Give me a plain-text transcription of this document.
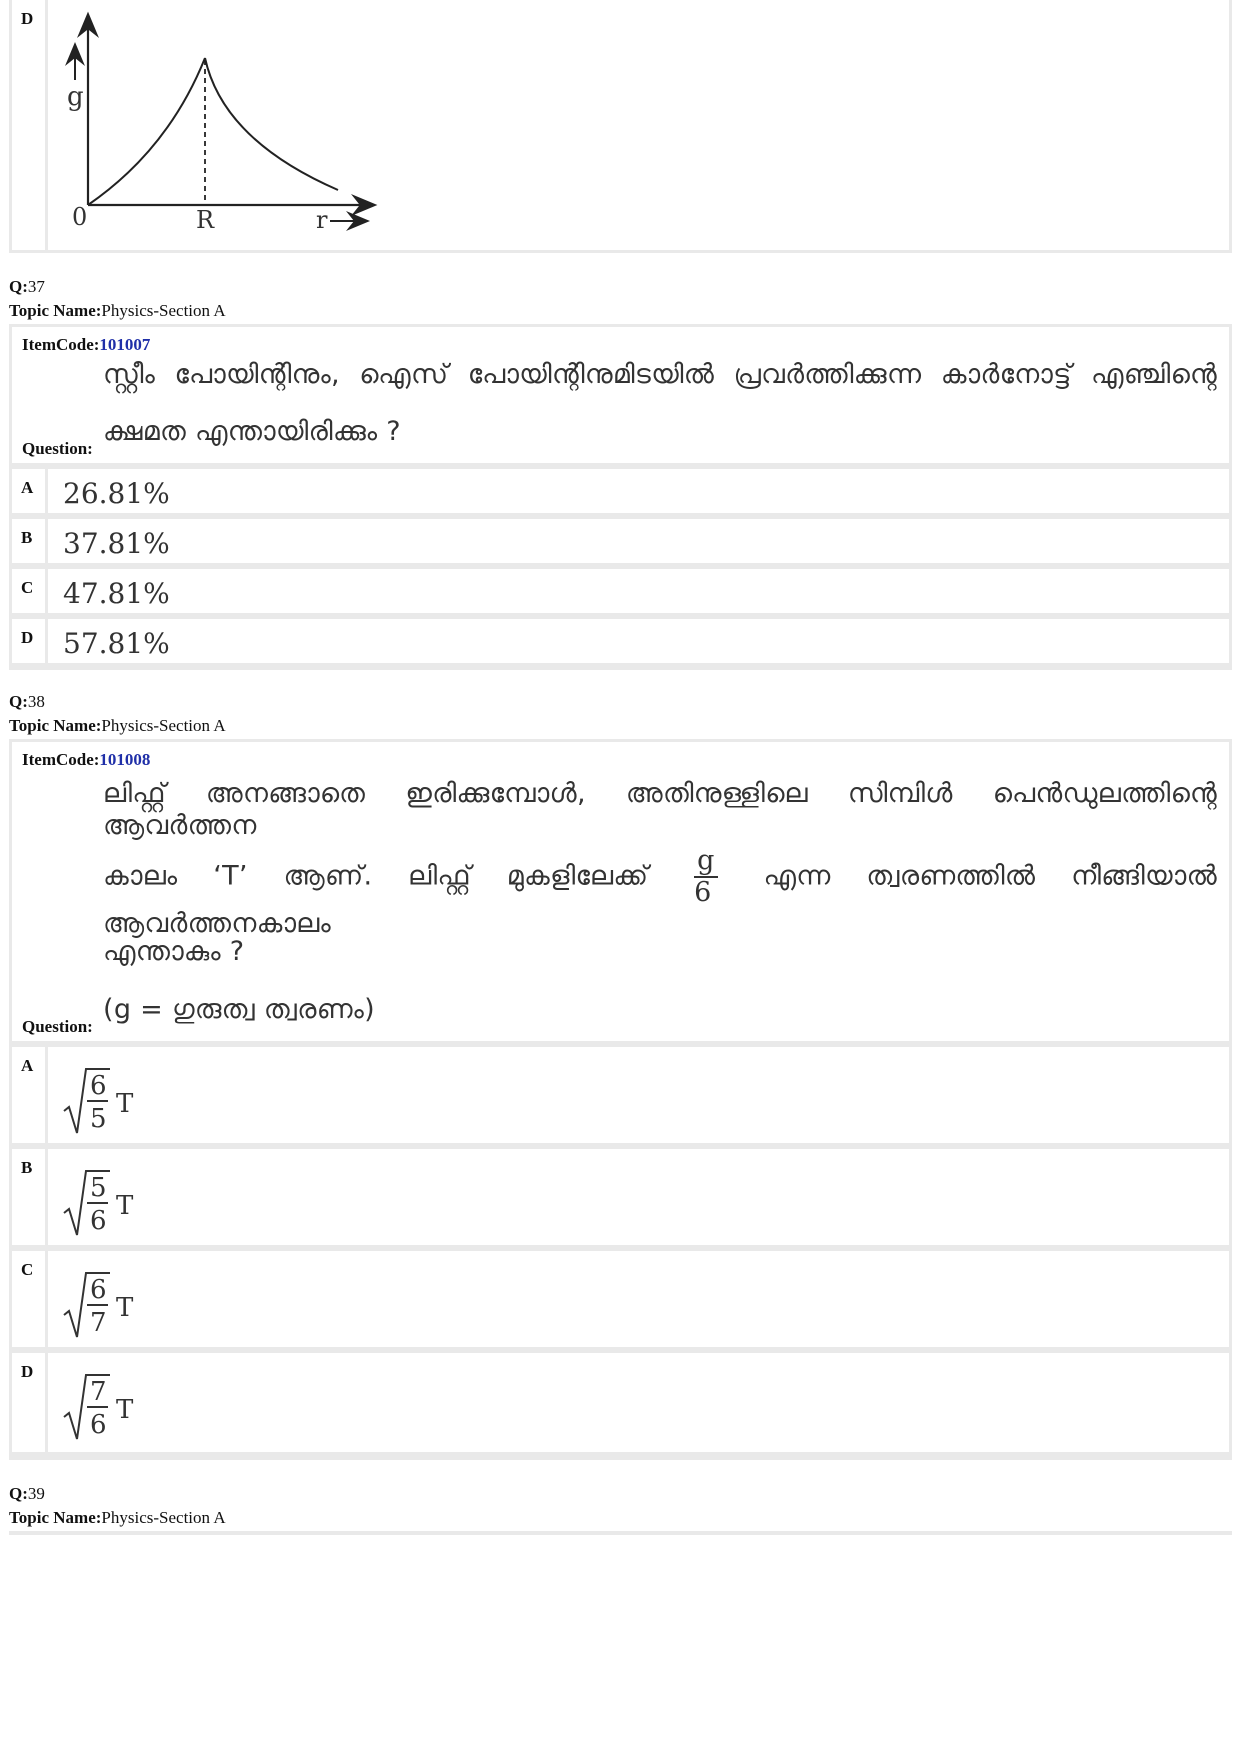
D
g
0	R	r
Q:37
Topic Name:Physics-Section A
ItemCode:101007
സ്റ്റീം പോയിന്റിനും, ഐസ് പോയിന്റിനുമിടയിൽ പ്രവർത്തിക്കുന്ന കാർനോട്ട് എഞ്ചിന്റെ
ക്ഷമത എന്തായിരിക്കും ?
Question:
A 26.81%
B 37.81%
C 47.81%
D 57.81%
Q:38
Topic Name:Physics-Section A
ItemCode:101008
ലിഫ്റ്റ് അനങ്ങാതെ ഇരിക്കുമ്പോൾ, അതിനുള്ളിലെ സിമ്പിൾ പെൻഡുലത്തിന്റെ ആവർത്തന
കാലം ‘T’ ആണ്. ലിഫ്റ്റ് മുകളിലേക്ക് $\frac{g}{6}$ എന്ന ത്വരണത്തിൽ നീങ്ങിയാൽ ആവർത്തനകാലം
എന്താകും ?
(g = ഗുരുത്വ ത്വരണം)
Question:
A
6
5 T
B
5
6 T
C
6
7 T
D
7
6 T
Q:39
Topic Name:Physics-Section A
